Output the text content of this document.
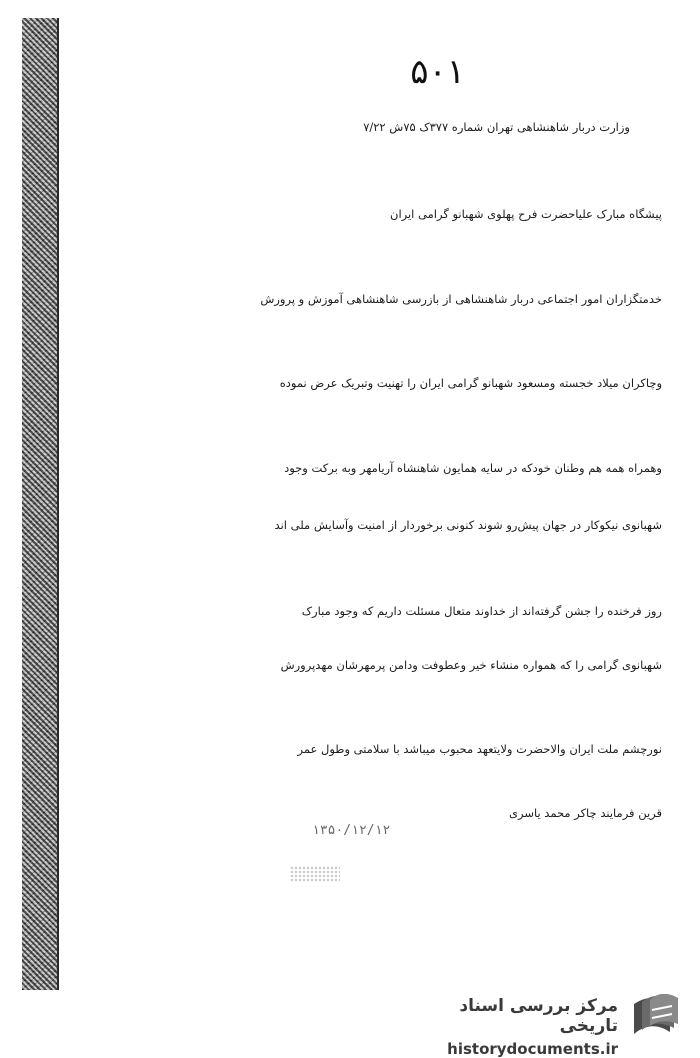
۵۰۱
وزارت دربار شاهنشاهی تهران شماره ۳۷۷ک ۷۵ش ۷/۲۲
پیشگاه مبارک علیاحضرت فرح پهلوی شهبانو گرامی ایران
خدمتگزاران امور اجتماعی دربار شاهنشاهی از بازرسی شاهنشاهی آموزش و پرورش
وچاکران میلاد خجسته ومسعود شهبانو گرامی ایران را تهنیت وتبریک عرض نموده
وهمراه همه هم وطنان خودکه در سایه همایون شاهنشاه آریامهر وبه برکت وجود
شهبانوی نیکوکار در جهان پیش‌رو شوند کنونی برخوردار از امنیت وآسایش ملی اند
روز فرخنده را جشن گرفته‌اند از خداوند متعال مسئلت داریم که وجود مبارک
شهبانوی گرامی را که همواره منشاء خیر وعطوفت ودامن پرمهرشان مهدپرورش
نورچشم ملت ایران والاحضرت ولایتعهد محبوب میباشد با سلامتی وطول عمر
قرین فرمایند چاکر محمد یاسری
۱۳۵۰/۱۲/۱۲
مرکز بررسی اسناد تاریخی
historydocuments.ir
